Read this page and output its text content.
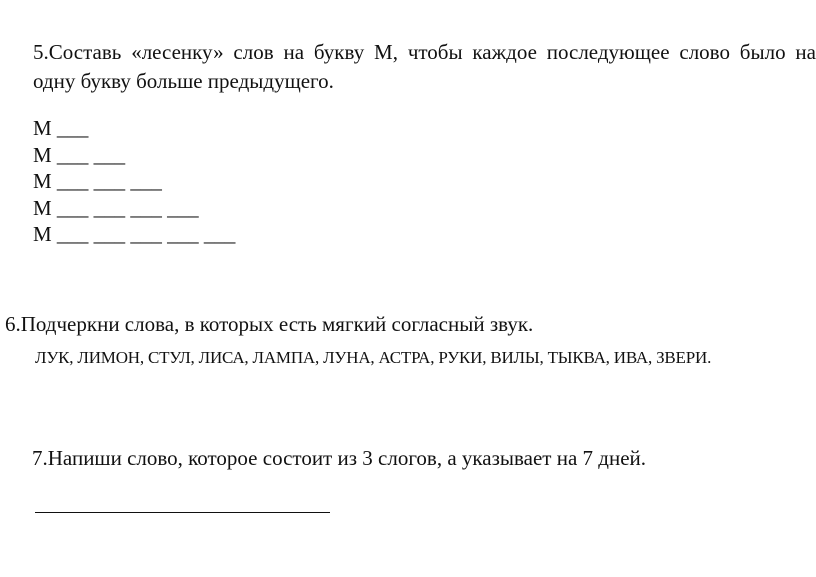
5.Составь «лесенку» слов на букву М, чтобы каждое последующее слово было на
одну букву больше предыдущего.
М ___
М ___ ___
М ___ ___ ___
М ___ ___ ___ ___
М ___ ___ ___ ___ ___
6.Подчеркни слова, в которых есть мягкий согласный звук.
ЛУК, ЛИМОН, СТУЛ, ЛИСА, ЛАМПА, ЛУНА, АСТРА, РУКИ, ВИЛЫ, ТЫКВА, ИВА, ЗВЕРИ.
7.Напиши слово, которое состоит из 3 слогов, а указывает на 7 дней.
